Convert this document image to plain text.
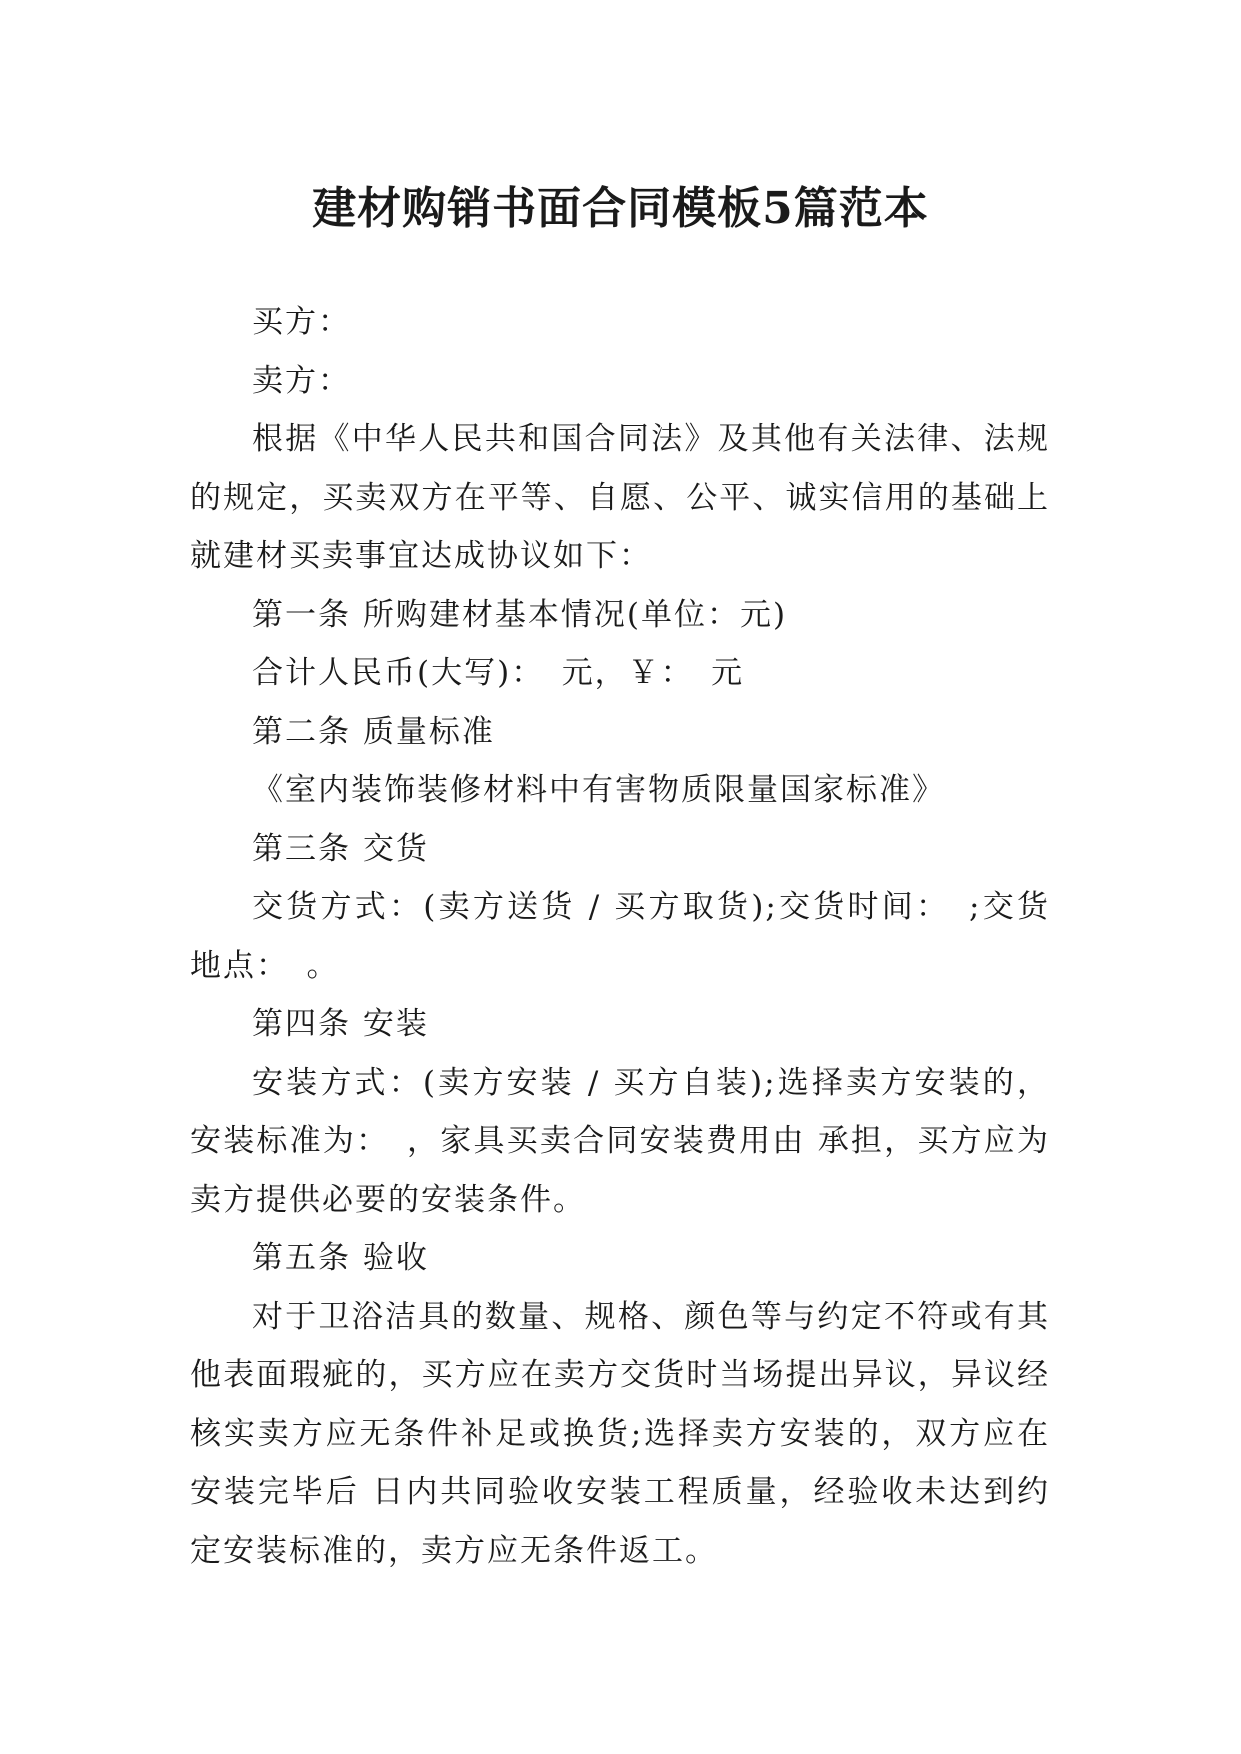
建材购销书面合同模板5篇范本

买方：

卖方：

根据《中华人民共和国合同法》及其他有关法律、法规的规定，买卖双方在平等、自愿、公平、诚实信用的基础上就建材买卖事宜达成协议如下：

第一条 所购建材基本情况(单位：元)

合计人民币(大写)：　元，￥：　元

第二条 质量标准

《室内装饰装修材料中有害物质限量国家标准》

第三条 交货

交货方式：(卖方送货 / 买方取货);交货时间：　;交货地点：　。

第四条 安装

安装方式：(卖方安装 / 买方自装);选择卖方安装的，安装标准为：　，家具买卖合同安装费用由 承担，买方应为卖方提供必要的安装条件。

第五条 验收

对于卫浴洁具的数量、规格、颜色等与约定不符或有其他表面瑕疵的，买方应在卖方交货时当场提出异议，异议经核实卖方应无条件补足或换货;选择卖方安装的，双方应在安装完毕后 日内共同验收安装工程质量，经验收未达到约定安装标准的，卖方应无条件返工。
